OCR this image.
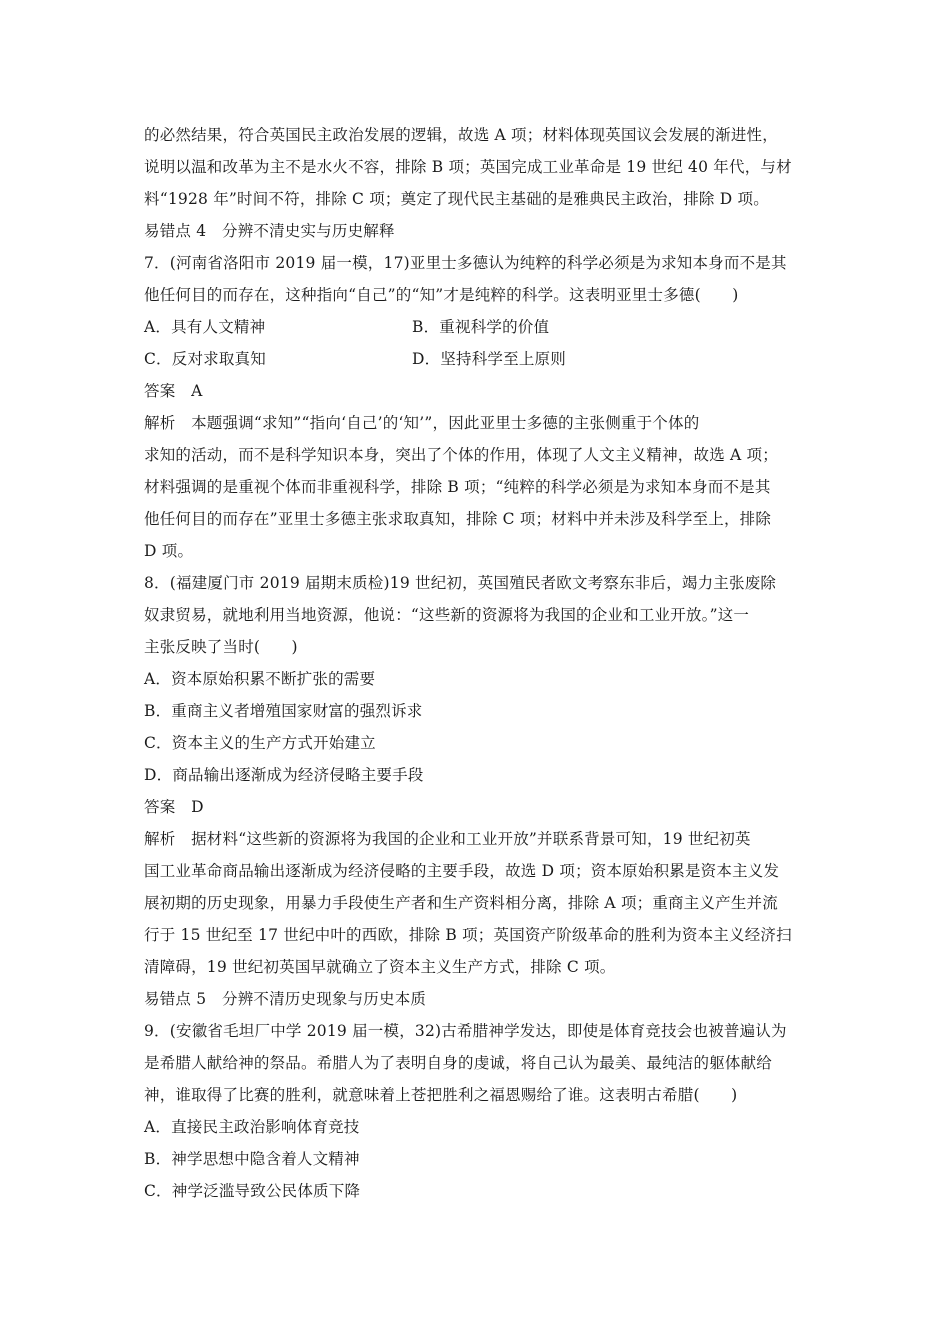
的必然结果，符合英国民主政治发展的逻辑，故选 A 项；材料体现英国议会发展的渐进性，
说明以温和改革为主不是水火不容，排除 B 项；英国完成工业革命是 19 世纪 40 年代，与材
料“1928 年”时间不符，排除 C 项；奠定了现代民主基础的是雅典民主政治，排除 D 项。
易错点 4　分辨不清史实与历史解释
7．(河南省洛阳市 2019 届一模，17)亚里士多德认为纯粹的科学必须是为求知本身而不是其
他任何目的而存在，这种指向“自己”的“知”才是纯粹的科学。这表明亚里士多德(　　)
A．具有人文精神	B．重视科学的价值
C．反对求取真知	D．坚持科学至上原则
答案　A
解析　本题强调“求知”“指向‘自己’的‘知’”，因此亚里士多德的主张侧重于个体的
求知的活动，而不是科学知识本身，突出了个体的作用，体现了人文主义精神，故选 A 项；
材料强调的是重视个体而非重视科学，排除 B 项；“纯粹的科学必须是为求知本身而不是其
他任何目的而存在”亚里士多德主张求取真知，排除 C 项；材料中并未涉及科学至上，排除
D 项。
8．(福建厦门市 2019 届期末质检)19 世纪初，英国殖民者欧文考察东非后，竭力主张废除
奴隶贸易，就地利用当地资源，他说：“这些新的资源将为我国的企业和工业开放。”这一
主张反映了当时(　　)
A．资本原始积累不断扩张的需要
B．重商主义者增殖国家财富的强烈诉求
C．资本主义的生产方式开始建立
D．商品输出逐渐成为经济侵略主要手段
答案　D
解析　据材料“这些新的资源将为我国的企业和工业开放”并联系背景可知，19 世纪初英
国工业革命商品输出逐渐成为经济侵略的主要手段，故选 D 项；资本原始积累是资本主义发
展初期的历史现象，用暴力手段使生产者和生产资料相分离，排除 A 项；重商主义产生并流
行于 15 世纪至 17 世纪中叶的西欧，排除 B 项；英国资产阶级革命的胜利为资本主义经济扫
清障碍，19 世纪初英国早就确立了资本主义生产方式，排除 C 项。
易错点 5　分辨不清历史现象与历史本质
9．(安徽省毛坦厂中学 2019 届一模，32)古希腊神学发达，即使是体育竞技会也被普遍认为
是希腊人献给神的祭品。希腊人为了表明自身的虔诚，将自己认为最美、最纯洁的躯体献给
神，谁取得了比赛的胜利，就意味着上苍把胜利之福恩赐给了谁。这表明古希腊(　　)
A．直接民主政治影响体育竞技
B．神学思想中隐含着人文精神
C．神学泛滥导致公民体质下降
